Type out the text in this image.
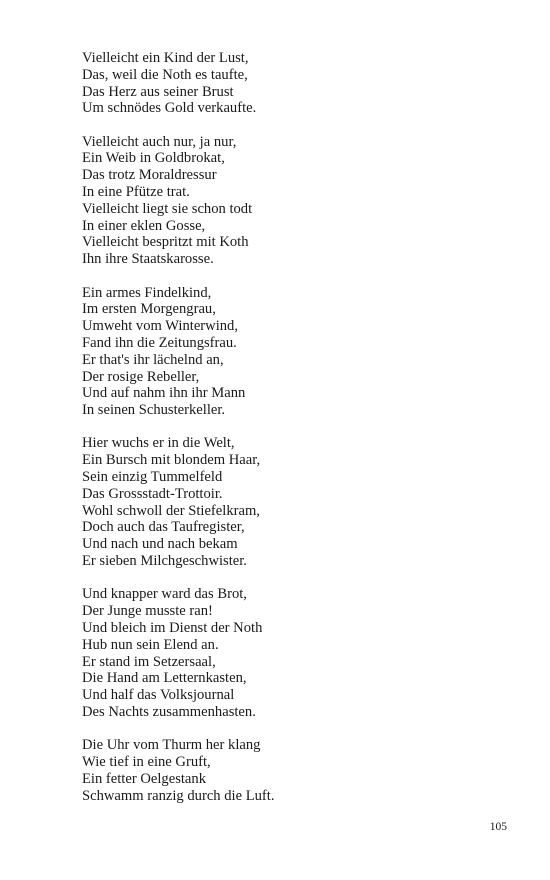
Vielleicht ein Kind der Lust,
Das, weil die Noth es taufte,
Das Herz aus seiner Brust
Um schnödes Gold verkaufte.
Vielleicht auch nur, ja nur,
Ein Weib in Goldbrokat,
Das trotz Moraldressur
In eine Pfütze trat.
Vielleicht liegt sie schon todt
In einer eklen Gosse,
Vielleicht bespritzt mit Koth
Ihn ihre Staatskarosse.
Ein armes Findelkind,
Im ersten Morgengrau,
Umweht vom Winterwind,
Fand ihn die Zeitungsfrau.
Er that's ihr lächelnd an,
Der rosige Rebeller,
Und auf nahm ihn ihr Mann
In seinen Schusterkeller.
Hier wuchs er in die Welt,
Ein Bursch mit blondem Haar,
Sein einzig Tummelfeld
Das Grossstadt-Trottoir.
Wohl schwoll der Stiefelkram,
Doch auch das Taufregister,
Und nach und nach bekam
Er sieben Milchgeschwister.
Und knapper ward das Brot,
Der Junge musste ran!
Und bleich im Dienst der Noth
Hub nun sein Elend an.
Er stand im Setzersaal,
Die Hand am Letternkasten,
Und half das Volksjournal
Des Nachts zusammenhasten.
Die Uhr vom Thurm her klang
Wie tief in eine Gruft,
Ein fetter Oelgestank
Schwamm ranzig durch die Luft.
105
